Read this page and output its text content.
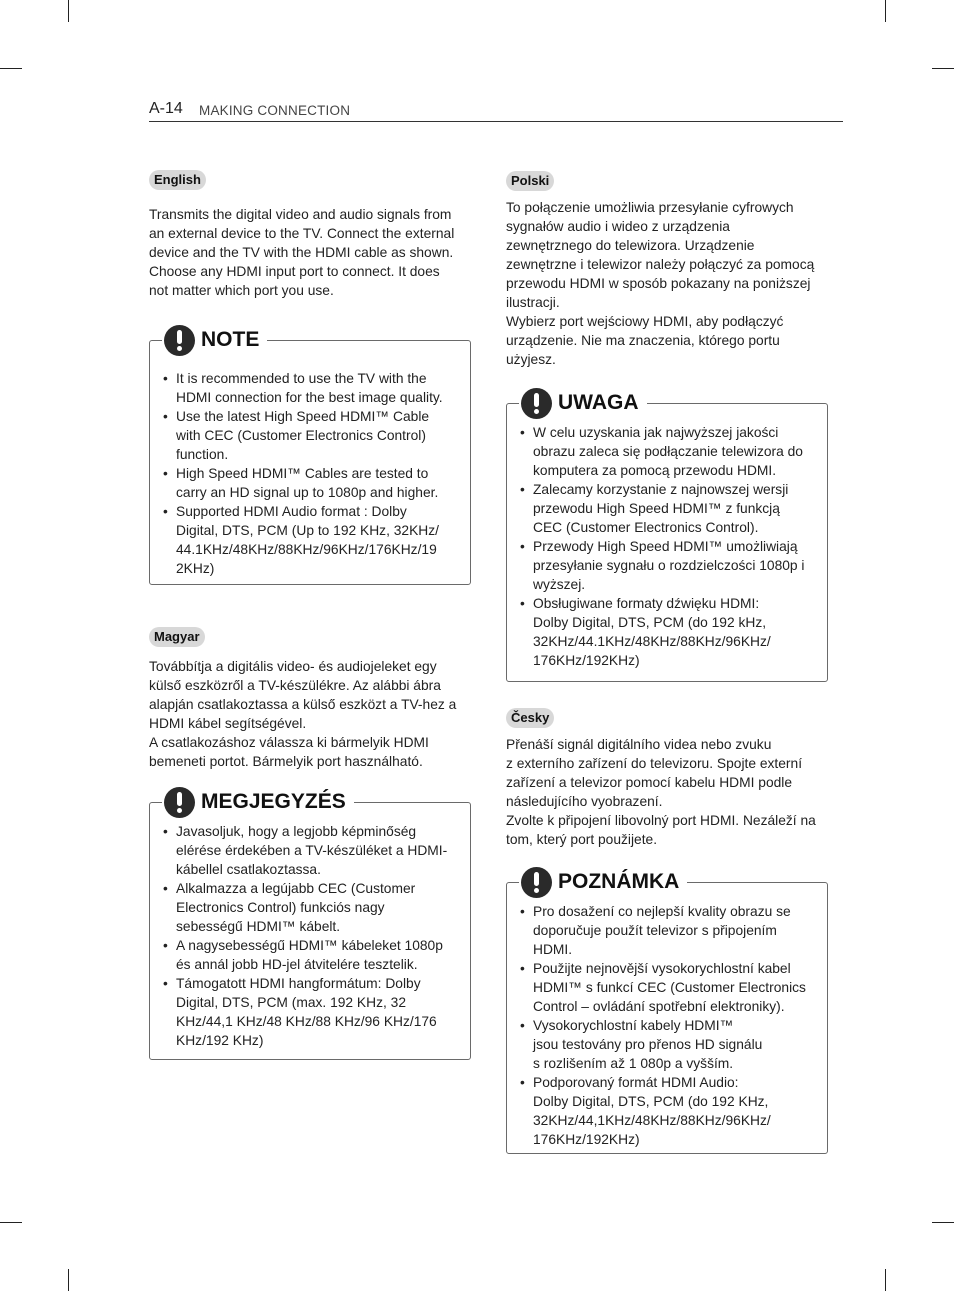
A-14 MAKING CONNECTION
English

Transmits the digital video and audio signals from

an external device to the TV. Connect the external

device and the TV with the HDMI cable as shown.

Choose any HDMI input port to connect. It does

not matter which port you use.

NOTE
• It is recommended to use the TV with the
HDMI connection for the best image quality.
• Use the latest High Speed HDMI™ Cable
with CEC (Customer Electronics Control)
function.
• High Speed HDMI™ Cables are tested to
carry an HD signal up to 1080p and higher.
• Supported HDMI Audio format : Dolby
Digital, DTS, PCM (Up to 192 KHz, 32KHz/
44.1KHz/48KHz/88KHz/96KHz/176KHz/19
2KHz)
Magyar

Továbbítja a digitális video- és audiojeleket egy

külső eszközről a TV-készülékre. Az alábbi ábra

alapján csatlakoztassa a külső eszközt a TV-hez a

HDMI kábel segítségével.

A csatlakozáshoz válassza ki bármelyik HDMI

bemeneti portot. Bármelyik port használható.

MEGJEGYZÉS
• Javasoljuk, hogy a legjobb képminőség
elérése érdekében a TV-készüléket a HDMI-
kábellel csatlakoztassa.
• Alkalmazza a legújabb CEC (Customer
Electronics Control) funkciós nagy
sebességű HDMI™ kábelt.
• A nagysebességű HDMI™ kábeleket 1080p
és annál jobb HD-jel átvitelére tesztelik.
• Támogatott HDMI hangformátum: Dolby
Digital, DTS, PCM (max. 192 KHz, 32
KHz/44,1 KHz/48 KHz/88 KHz/96 KHz/176
KHz/192 KHz)
Polski

To połączenie umożliwia przesyłanie cyfrowych

sygnałów audio i wideo z urządzenia

zewnętrznego do telewizora. Urządzenie

zewnętrzne i telewizor należy połączyć za pomocą

przewodu HDMI w sposób pokazany na poniższej

ilustracji.

Wybierz port wejściowy HDMI, aby podłączyć

urządzenie. Nie ma znaczenia, którego portu

użyjesz.

UWAGA
• W celu uzyskania jak najwyższej jakości
obrazu zaleca się podłączanie telewizora do
komputera za pomocą przewodu HDMI.
• Zalecamy korzystanie z najnowszej wersji
przewodu High Speed HDMI™ z funkcją
CEC (Customer Electronics Control).
• Przewody High Speed HDMI™ umożliwiają
przesyłanie sygnału o rozdzielczości 1080p i
wyższej.
• Obsługiwane formaty dźwięku HDMI:
Dolby Digital, DTS, PCM (do 192 kHz,
32KHz/44.1KHz/48KHz/88KHz/96KHz/
176KHz/192KHz)
Česky

Přenáší signál digitálního videa nebo zvuku

z externího zařízení do televizoru. Spojte externí

zařízení a televizor pomocí kabelu HDMI podle

následujícího vyobrazení.

Zvolte k připojení libovolný port HDMI. Nezáleží na

tom, který port použijete.

POZNÁMKA
• Pro dosažení co nejlepší kvality obrazu se
doporučuje použít televizor s připojením
HDMI.
• Použijte nejnovější vysokorychlostní kabel
HDMI™ s funkcí CEC (Customer Electronics
Control – ovládání spotřební elektroniky).
• Vysokorychlostní kabely HDMI™
jsou testovány pro přenos HD signálu
s rozlišením až 1 080p a vyšším.
• Podporovaný formát HDMI Audio:
Dolby Digital, DTS, PCM (do 192 KHz,
32KHz/44,1KHz/48KHz/88KHz/96KHz/
176KHz/192KHz)
